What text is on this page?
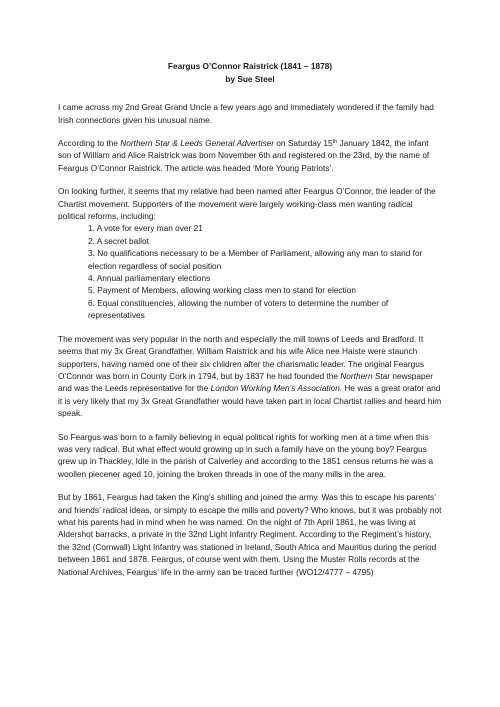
Feargus O’Connor Raistrick (1841 – 1878)
by Sue Steel

I came across my 2nd Great Grand Uncle a few years ago and immediately wondered if the family had Irish connections given his unusual name.

According to the Northern Star & Leeds General Advertiser on Saturday 15th January 1842, the infant son of William and Alice Raistrick was born November 6th and registered on the 23rd, by the name of Feargus O’Connor Raistrick. The article was headed ‘More Young Patriots’.

On looking further, it seems that my relative had been named after Feargus O’Connor, the leader of the Chartist movement. Supporters of the movement were largely working-class men wanting radical political reforms, including:

1. A vote for every man over 21
2. A secret ballot
3. No qualifications necessary to be a Member of Parliament, allowing any man to stand for election regardless of social position
4. Annual parliamentary elections
5. Payment of Members, allowing working class men to stand for election
6. Equal constituencies, allowing the number of voters to determine the number of representatives

The movement was very popular in the north and especially the mill towns of Leeds and Bradford. It seems that my 3x Great Grandfather, William Raistrick and his wife Alice nee Haiste were staunch supporters, having named one of their six children after the charismatic leader. The original Feargus O’Connor was born in County Cork in 1794, but by 1837 he had founded the Northern Star newspaper and was the Leeds representative for the London Working Men’s Association. He was a great orator and it is very likely that my 3x Great Grandfather would have taken part in local Chartist rallies and heard him speak.

So Feargus was born to a family believing in equal political rights for working men at a time when this was very radical. But what effect would growing up in such a family have on the young boy? Feargus grew up in Thackley, Idle in the parish of Calverley and according to the 1851 census returns he was a woollen piecener aged 10, joining the broken threads in one of the many mills in the area.

But by 1861, Feargus had taken the King’s shilling and joined the army. Was this to escape his parents’ and friends’ radical ideas, or simply to escape the mills and poverty? Who knows, but it was probably not what his parents had in mind when he was named. On the night of 7th April 1861, he was living at Aldershot barracks, a private in the 32nd Light Infantry Regiment. According to the Regiment’s history, the 32nd (Cornwall) Light Infantry was stationed in Ireland, South Africa and Mauritius during the period between 1861 and 1878. Feargus, of course went with them. Using the Muster Rolls records at the National Archives, Feargus’ life in the army can be traced further (WO12/4777 – 4795)
